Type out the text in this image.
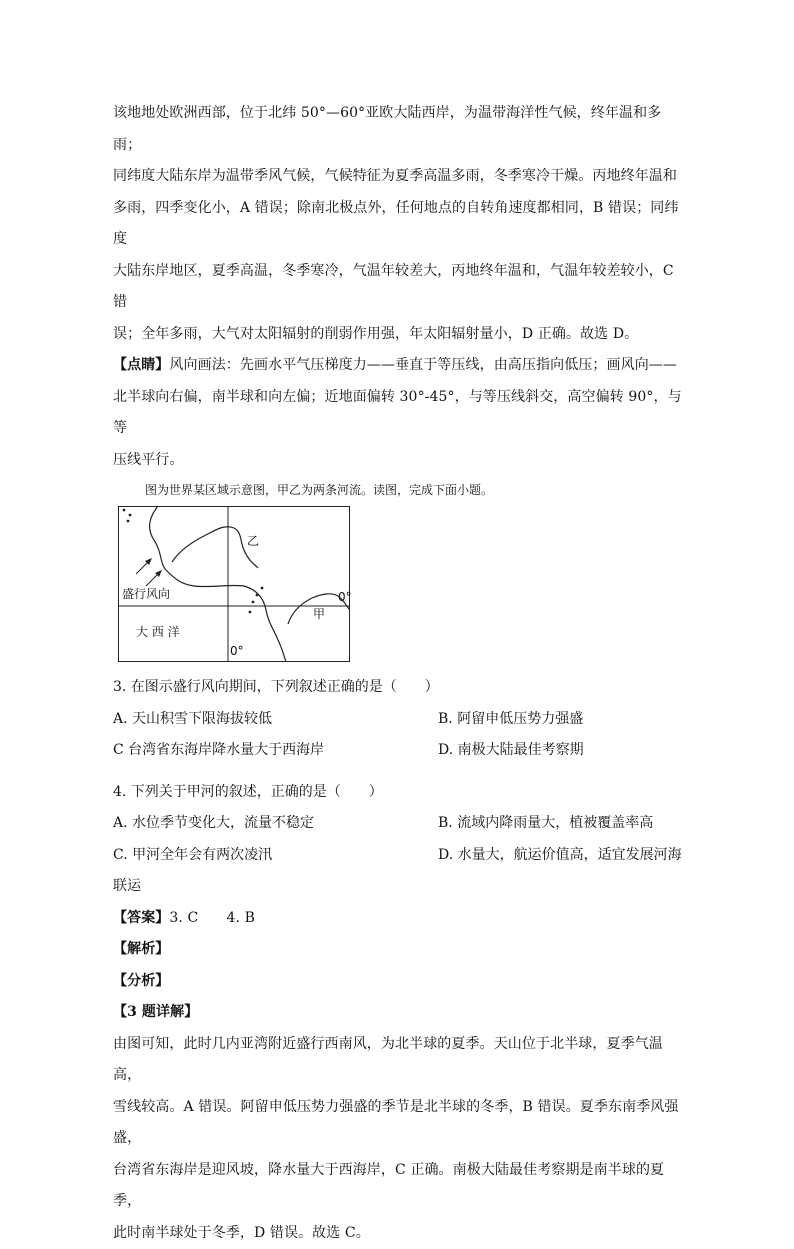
该地地处欧洲西部，位于北纬 50°—60°亚欧大陆西岸，为温带海洋性气候，终年温和多雨；

同纬度大陆东岸为温带季风气候，气候特征为夏季高温多雨，冬季寒冷干燥。丙地终年温和

多雨，四季变化小，A 错误；除南北极点外，任何地点的自转角速度都相同，B 错误；同纬度

大陆东岸地区，夏季高温，冬季寒冷，气温年较差大，丙地终年温和，气温年较差较小，C 错

误；全年多雨，大气对太阳辐射的削弱作用强，年太阳辐射量小，D 正确。故选 D。

【点睛】风向画法：先画水平气压梯度力——垂直于等压线，由高压指向低压；画风向——

北半球向右偏，南半球和向左偏；近地面偏转 30°-45°，与等压线斜交，高空偏转 90°，与等

压线平行。

图为世界某区域示意图，甲乙为两条河流。读图，完成下面小题。
乙
甲
盛行风向
大 西 洋
0°
0°
3. 在图示盛行风向期间，下列叙述正确的是（　　）
A. 天山积雪下限海拔较低	B. 阿留申低压势力强盛
C 台湾省东海岸降水量大于西海岸	D. 南极大陆最佳考察期
4. 下列关于甲河的叙述，正确的是（　　）
A. 水位季节变化大，流量不稳定	B. 流域内降雨量大，植被覆盖率高
C. 甲河全年会有两次凌汛	D. 水量大，航运价值高，适宜发展河海

联运

【答案】3. C　　4. B

【解析】

【分析】

【3 题详解】

由图可知，此时几内亚湾附近盛行西南风，为北半球的夏季。天山位于北半球，夏季气温高，

雪线较高。A 错误。阿留申低压势力强盛的季节是北半球的冬季，B 错误。夏季东南季风强盛，

台湾省东海岸是迎风坡，降水量大于西海岸，C 正确。南极大陆最佳考察期是南半球的夏季，

此时南半球处于冬季，D 错误。故选 C。
